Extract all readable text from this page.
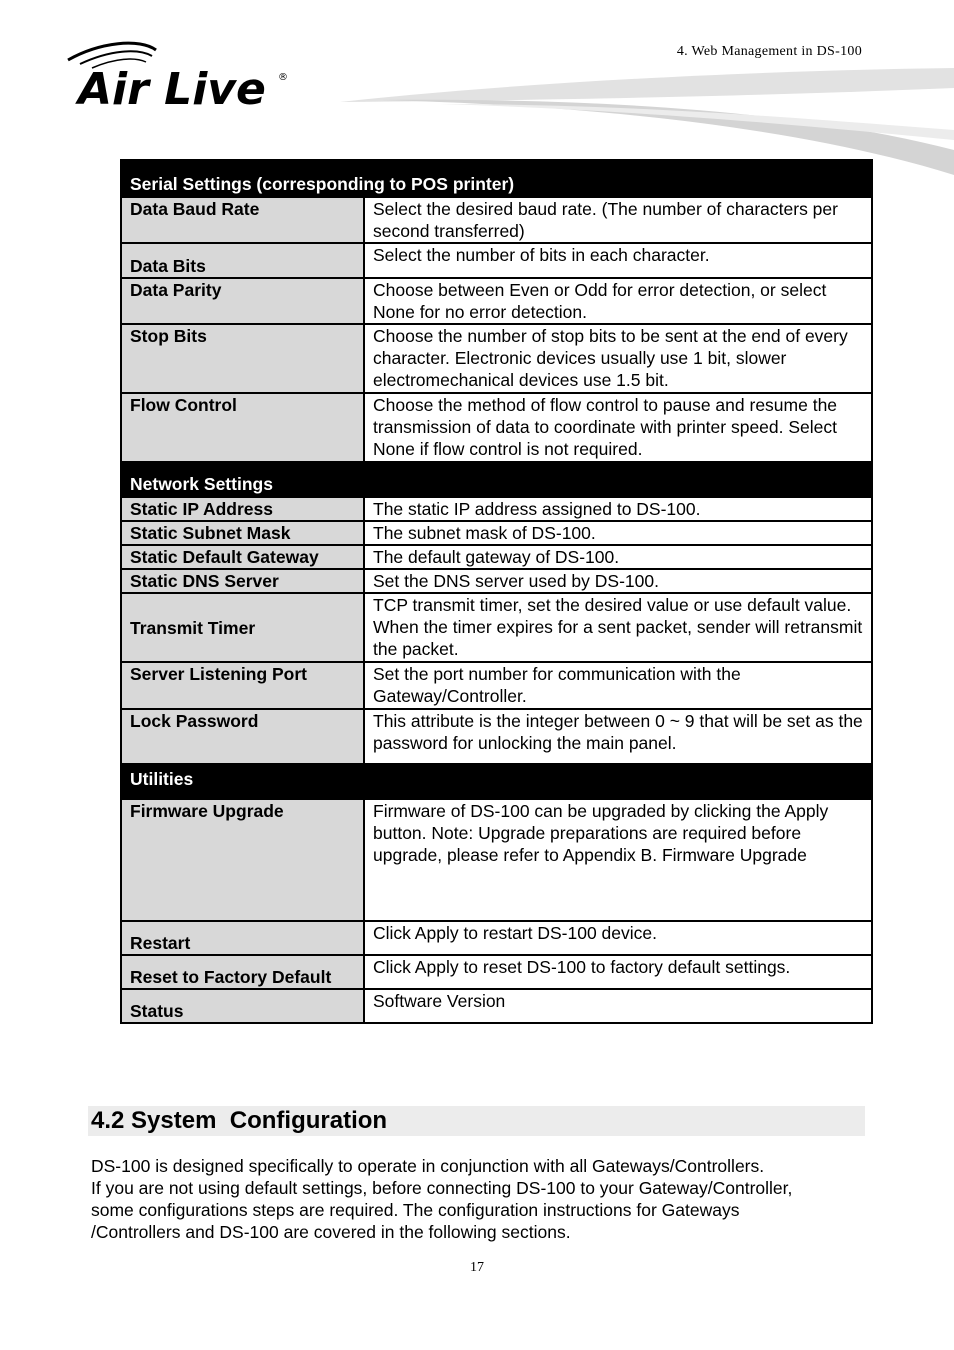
4. Web Management in DS-100
Air Live ®
Serial Settings (corresponding to POS printer)	
Data Baud Rate	Select the desired baud rate. (The number of characters per second transferred)
Data Bits	Select the number of bits in each character.
Data Parity	Choose between Even or Odd for error detection, or select None for no error detection.
Stop Bits	Choose the number of stop bits to be sent at the end of every character. Electronic devices usually use 1 bit, slower electromechanical devices use 1.5 bit.
Flow Control	Choose the method of flow control to pause and resume the transmission of data to coordinate with printer speed. Select None if flow control is not required.
Network Settings	
Static IP Address	The static IP address assigned to DS-100.
Static Subnet Mask	The subnet mask of DS-100.
Static Default Gateway	The default gateway of DS-100.
Static DNS Server	Set the DNS server used by DS-100.
Transmit Timer	TCP transmit timer, set the desired value or use default value. When the timer expires for a sent packet, sender will retransmit the packet.
Server Listening Port	Set the port number for communication with the Gateway/Controller.
Lock Password	This attribute is the integer between 0 ~ 9 that will be set as the password for unlocking the main panel.
Utilities	
Firmware Upgrade	Firmware of DS-100 can be upgraded by clicking the Apply button. Note: Upgrade preparations are required before upgrade, please refer to Appendix B. Firmware Upgrade
Restart	Click Apply to restart DS-100 device.
Reset to Factory Default	Click Apply to reset DS-100 to factory default settings.
Status	Software Version
4.2 System  Configuration
DS-100 is designed specifically to operate in conjunction with all Gateways/Controllers.
If you are not using default settings, before connecting DS-100 to your Gateway/Controller,
some configurations steps are required. The configuration instructions for Gateways
/Controllers and DS-100 are covered in the following sections.
17
